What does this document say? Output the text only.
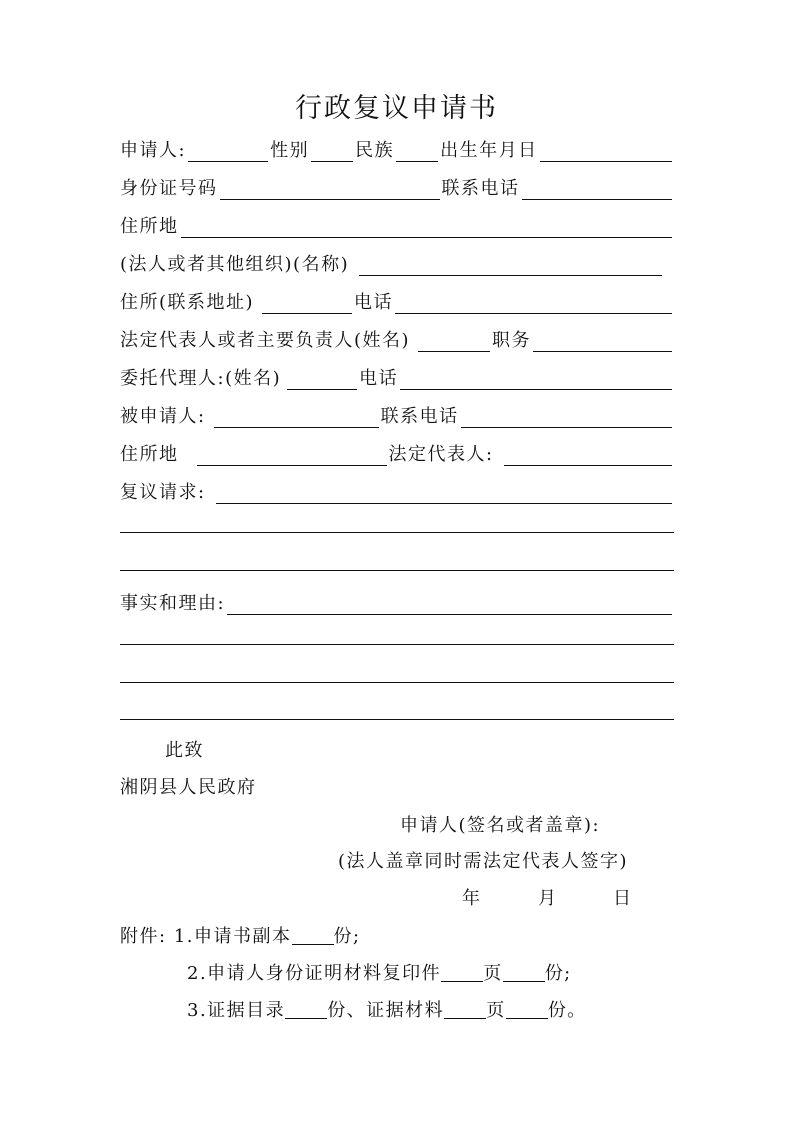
行政复议申请书
申请人:	性别	民族	出生年月日
身份证号码	联系电话
住所地
(法人或者其他组织)(名称)
住所(联系地址)	电话
法定代表人或者主要负责人(姓名)	职务
委托代理人:(姓名)	电话
被申请人:	联系电话
住所地	法定代表人:
复议请求:
事实和理由:
此致
湘阴县人民政府
申请人(签名或者盖章):
(法人盖章同时需法定代表人签字)
年	月	日
附件: 1.申请书副本 份;
2.申请人身份证明材料复印件 页 份;
3.证据目录 份、证据材料 页 份。
